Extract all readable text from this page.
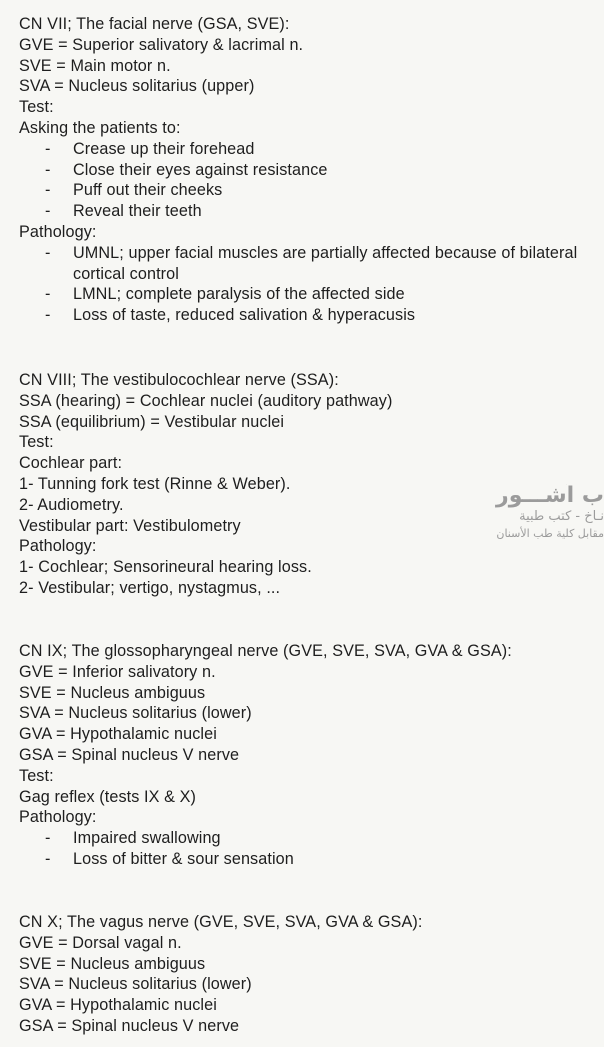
CN VII; The facial nerve (GSA, SVE):
GVE = Superior salivatory & lacrimal n.
SVE = Main motor n.
SVA = Nucleus solitarius (upper)
Test:
Asking the patients to:
- Crease up their forehead
- Close their eyes against resistance
- Puff out their cheeks
- Reveal their teeth
Pathology:
- UMNL; upper facial muscles are partially affected because of bilateral cortical control
- LMNL; complete paralysis of the affected side
- Loss of taste, reduced salivation & hyperacusis
CN VIII; The vestibulocochlear nerve (SSA):
SSA (hearing) = Cochlear nuclei (auditory pathway)
SSA (equilibrium) = Vestibular nuclei
Test:
Cochlear part:
1- Tunning fork test (Rinne & Weber).
2- Audiometry.
Vestibular part: Vestibulometry
Pathology:
1- Cochlear; Sensorineural hearing loss.
2- Vestibular; vertigo, nystagmus, ...
ب آشـــور
نـاخ - كتب طبية
مقابل كلية طب الأسنان
CN IX; The glossopharyngeal nerve (GVE, SVE, SVA, GVA & GSA):
GVE = Inferior salivatory n.
SVE = Nucleus ambiguus
SVA = Nucleus solitarius (lower)
GVA = Hypothalamic nuclei
GSA = Spinal nucleus V nerve
Test:
Gag reflex (tests IX & X)
Pathology:
- Impaired swallowing
- Loss of bitter & sour sensation
CN X; The vagus nerve (GVE, SVE, SVA, GVA & GSA):
GVE = Dorsal vagal n.
SVE = Nucleus ambiguus
SVA = Nucleus solitarius (lower)
GVA = Hypothalamic nuclei
GSA = Spinal nucleus V nerve
